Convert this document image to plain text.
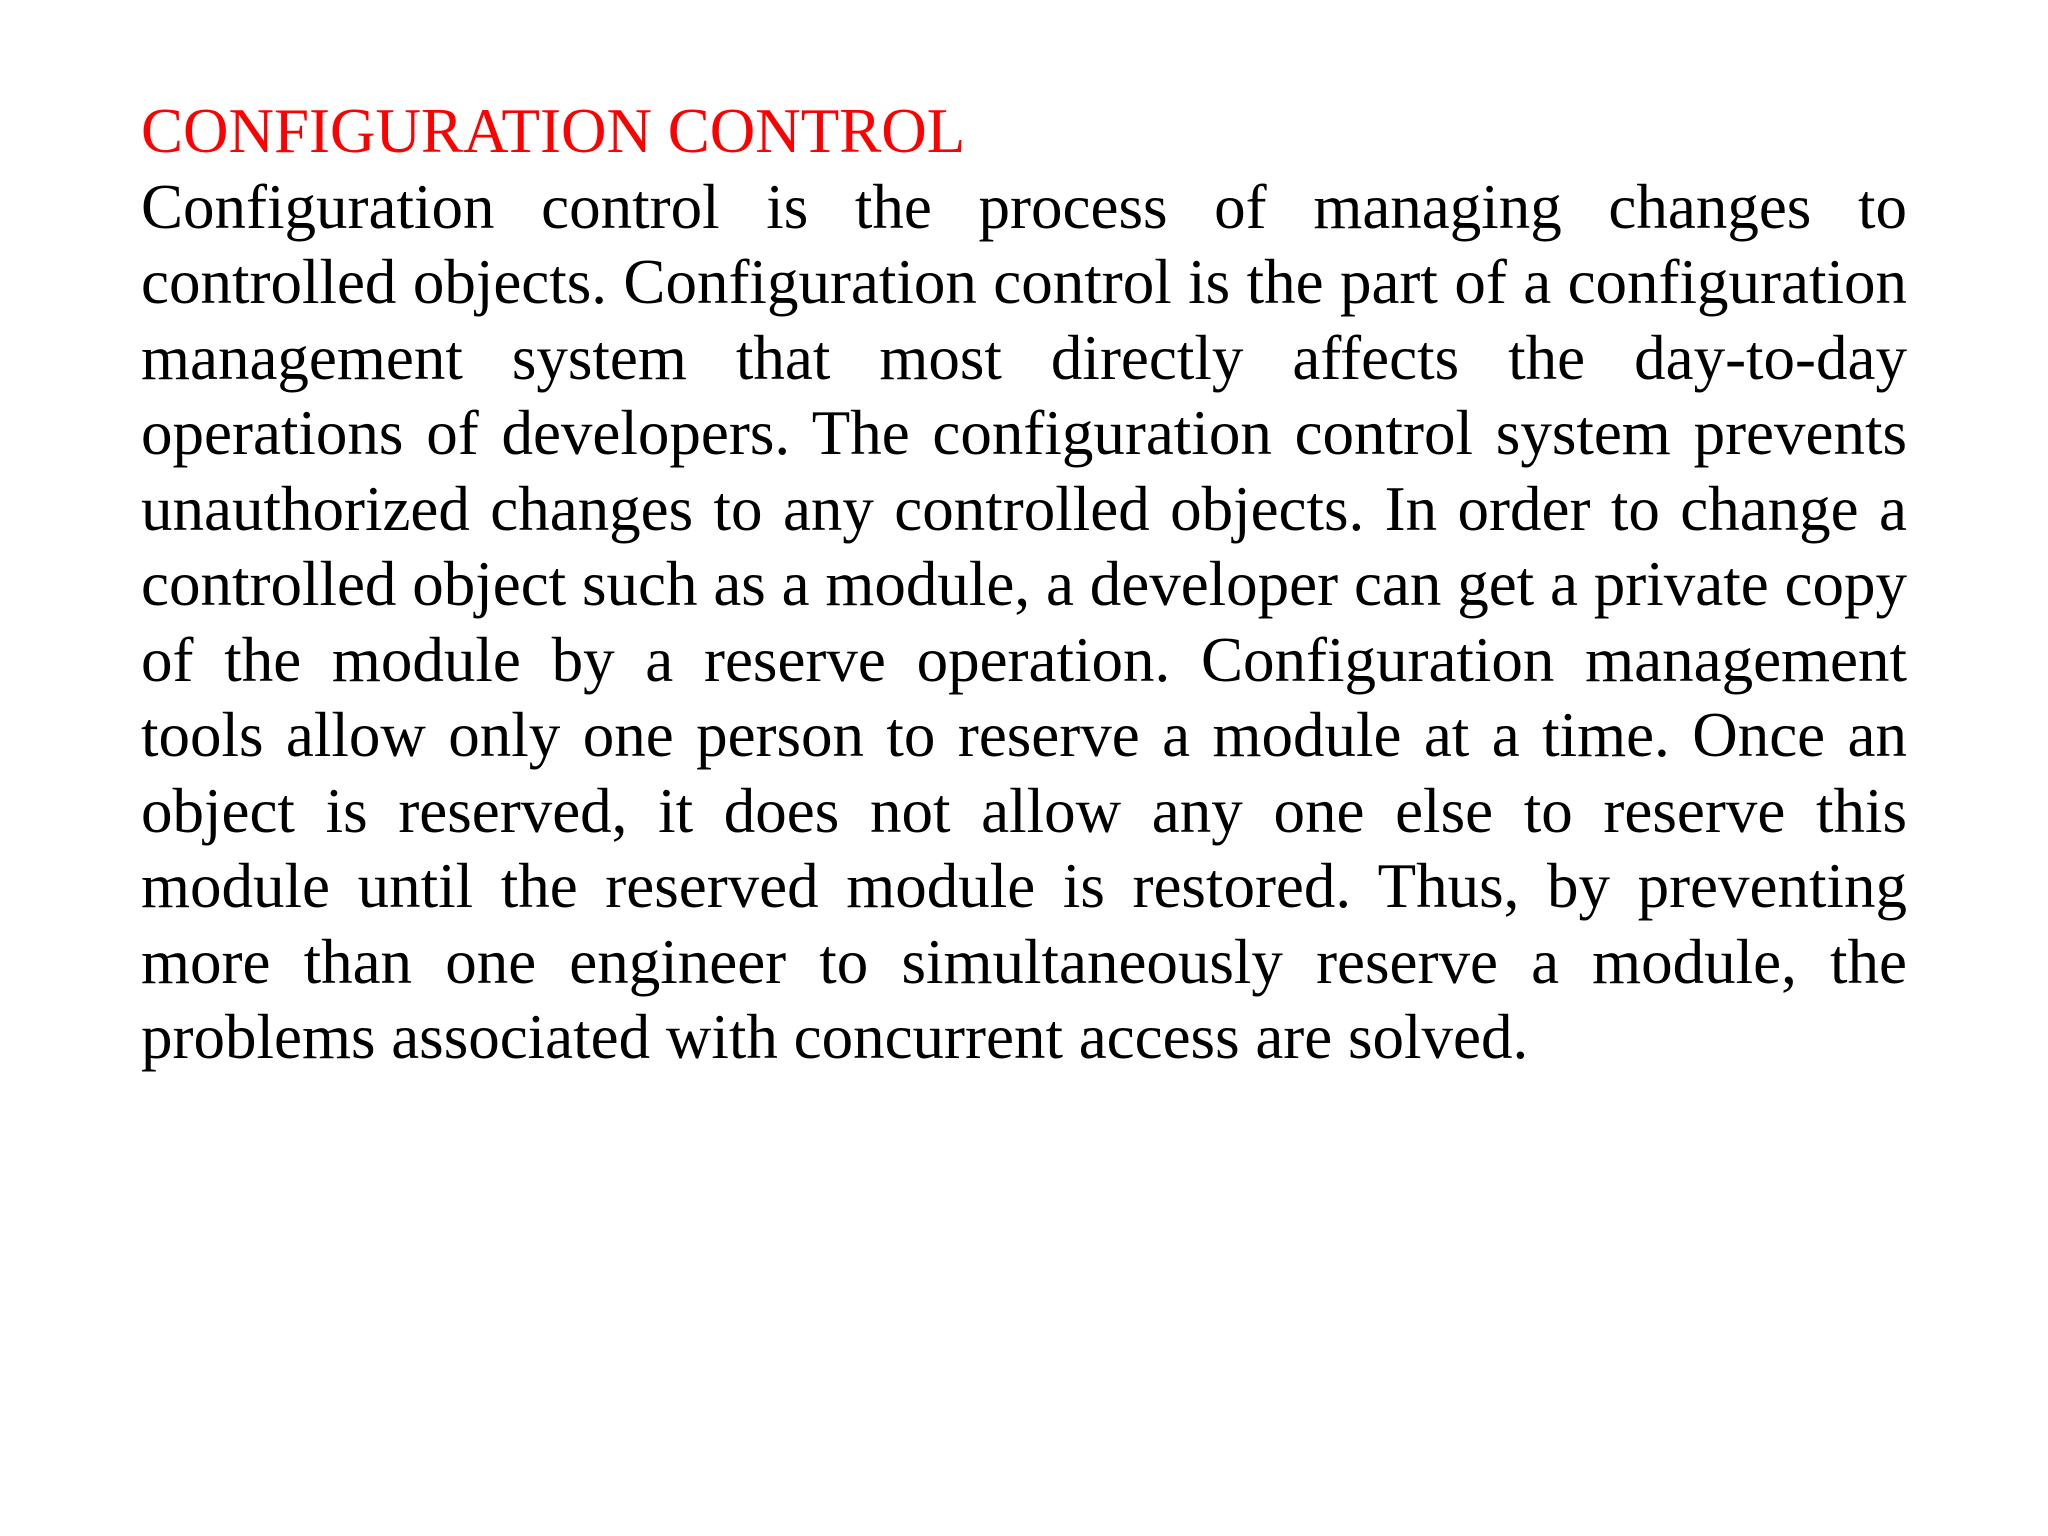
CONFIGURATION CONTROL

Configuration control is the process of managing changes to controlled objects. Configuration control is the part of a configuration management system that most directly affects the day-to-day operations of developers. The configuration control system prevents unauthorized changes to any controlled objects. In order to change a controlled object such as a module, a developer can get a private copy of the module by a reserve operation. Configuration management tools allow only one person to reserve a module at a time. Once an object is reserved, it does not allow any one else to reserve this module until the reserved module is restored. Thus, by preventing more than one engineer to simultaneously reserve a module, the problems associated with concurrent access are solved.
